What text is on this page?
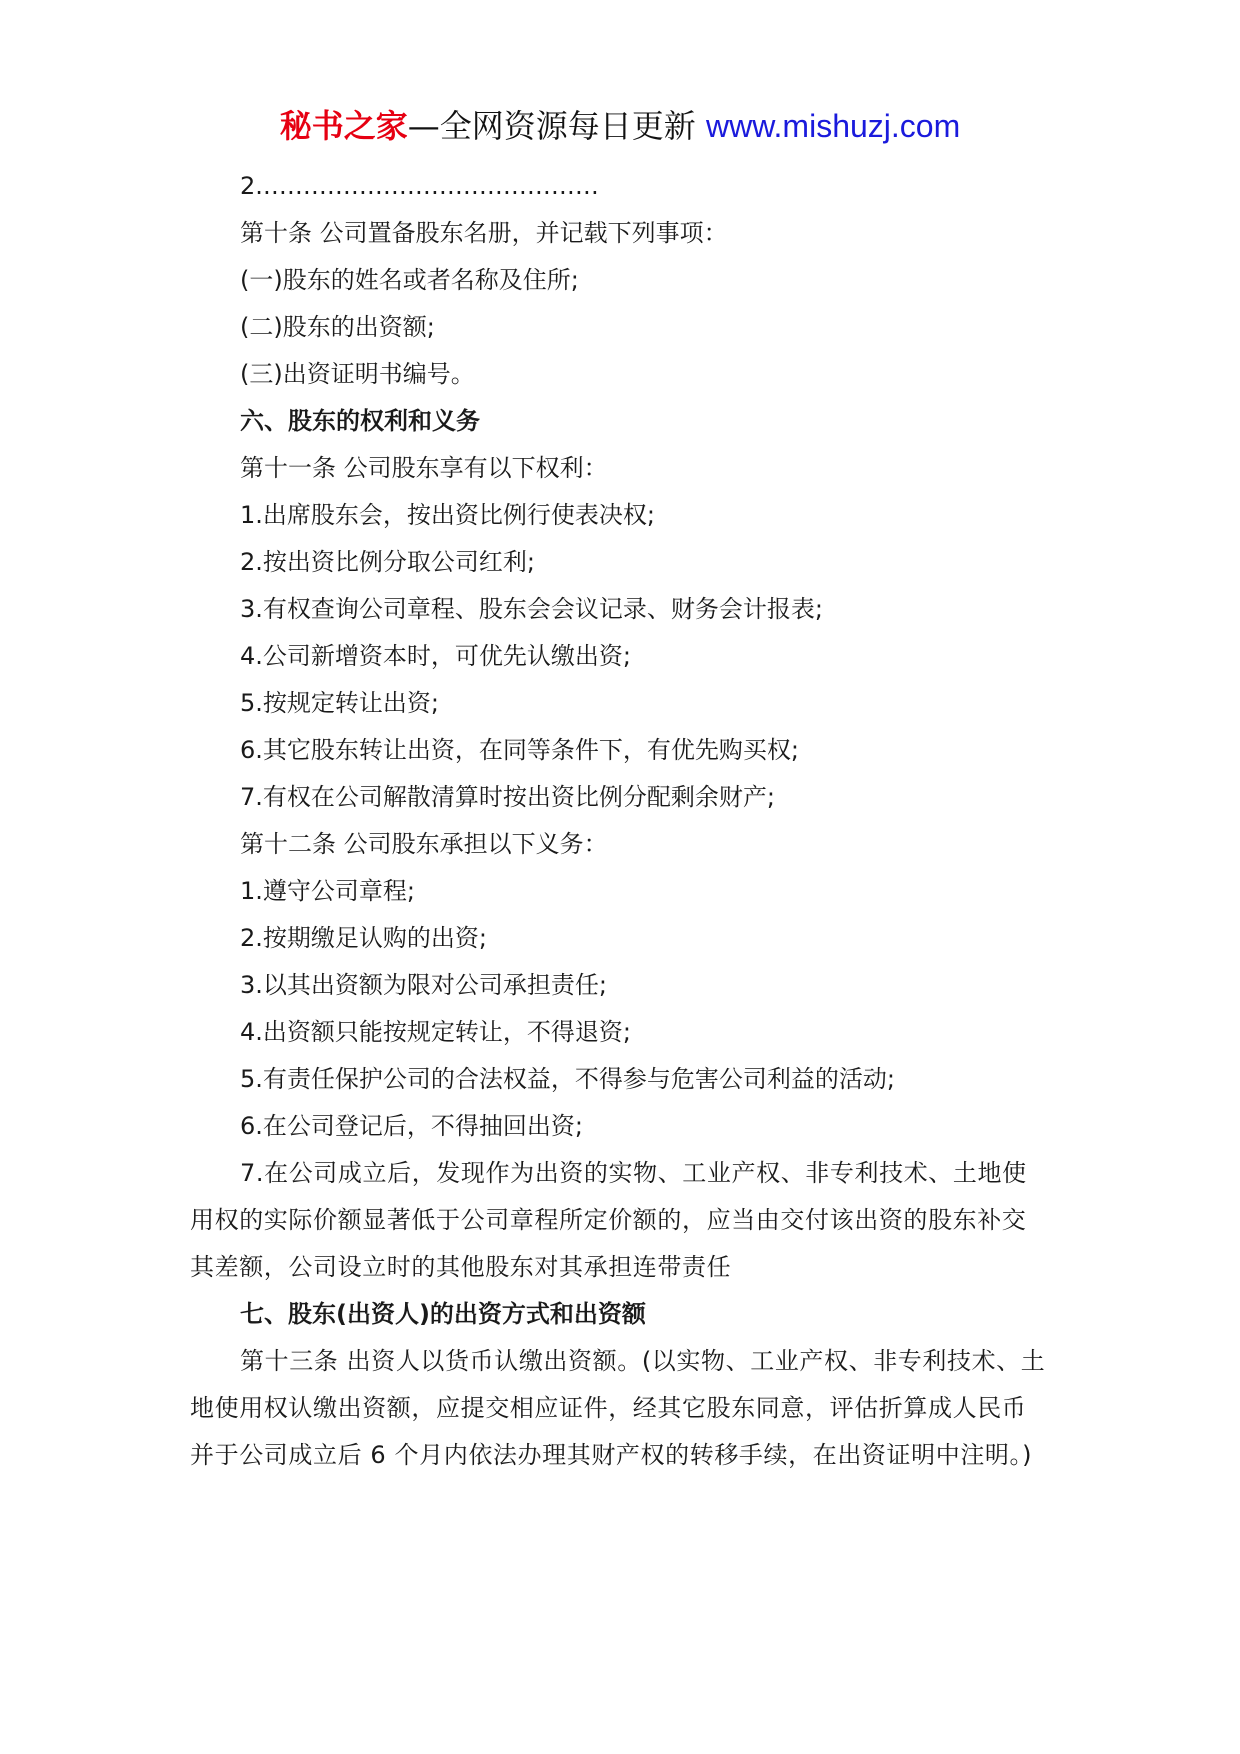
秘书之家—全网资源每日更新 www.mishuzj.com

2.……………………………………

第十条 公司置备股东名册，并记载下列事项：

(一)股东的姓名或者名称及住所;

(二)股东的出资额;

(三)出资证明书编号。

六、股东的权利和义务

第十一条 公司股东享有以下权利：

1.出席股东会，按出资比例行使表决权;

2.按出资比例分取公司红利;

3.有权查询公司章程、股东会会议记录、财务会计报表;

4.公司新增资本时，可优先认缴出资;

5.按规定转让出资;

6.其它股东转让出资，在同等条件下，有优先购买权;

7.有权在公司解散清算时按出资比例分配剩余财产;

第十二条 公司股东承担以下义务：

1.遵守公司章程;

2.按期缴足认购的出资;

3.以其出资额为限对公司承担责任;

4.出资额只能按规定转让，不得退资;

5.有责任保护公司的合法权益，不得参与危害公司利益的活动;

6.在公司登记后，不得抽回出资;

7.在公司成立后，发现作为出资的实物、工业产权、非专利技术、土地使用权的实际价额显著低于公司章程所定价额的，应当由交付该出资的股东补交其差额，公司设立时的其他股东对其承担连带责任

七、股东(出资人)的出资方式和出资额

第十三条 出资人以货币认缴出资额。(以实物、工业产权、非专利技术、土地使用权认缴出资额，应提交相应证件，经其它股东同意，评估折算成人民币并于公司成立后 6 个月内依法办理其财产权的转移手续，在出资证明中注明。)
